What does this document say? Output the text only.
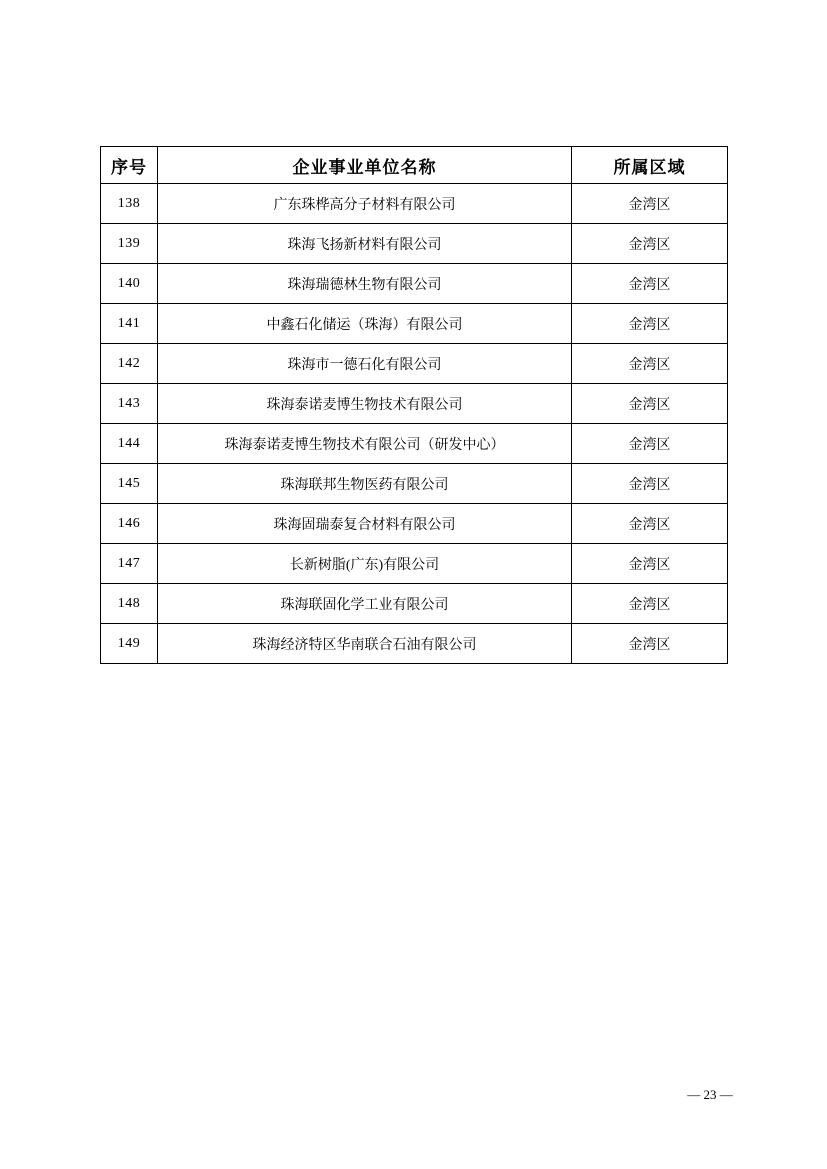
序号	企业事业单位名称	所属区域
138	广东珠桦高分子材料有限公司	金湾区
139	珠海飞扬新材料有限公司	金湾区
140	珠海瑞德林生物有限公司	金湾区
141	中鑫石化储运（珠海）有限公司	金湾区
142	珠海市一德石化有限公司	金湾区
143	珠海泰诺麦博生物技术有限公司	金湾区
144	珠海泰诺麦博生物技术有限公司（研发中心）	金湾区
145	珠海联邦生物医药有限公司	金湾区
146	珠海固瑞泰复合材料有限公司	金湾区
147	长新树脂(广东)有限公司	金湾区
148	珠海联固化学工业有限公司	金湾区
149	珠海经济特区华南联合石油有限公司	金湾区
— 23 —
